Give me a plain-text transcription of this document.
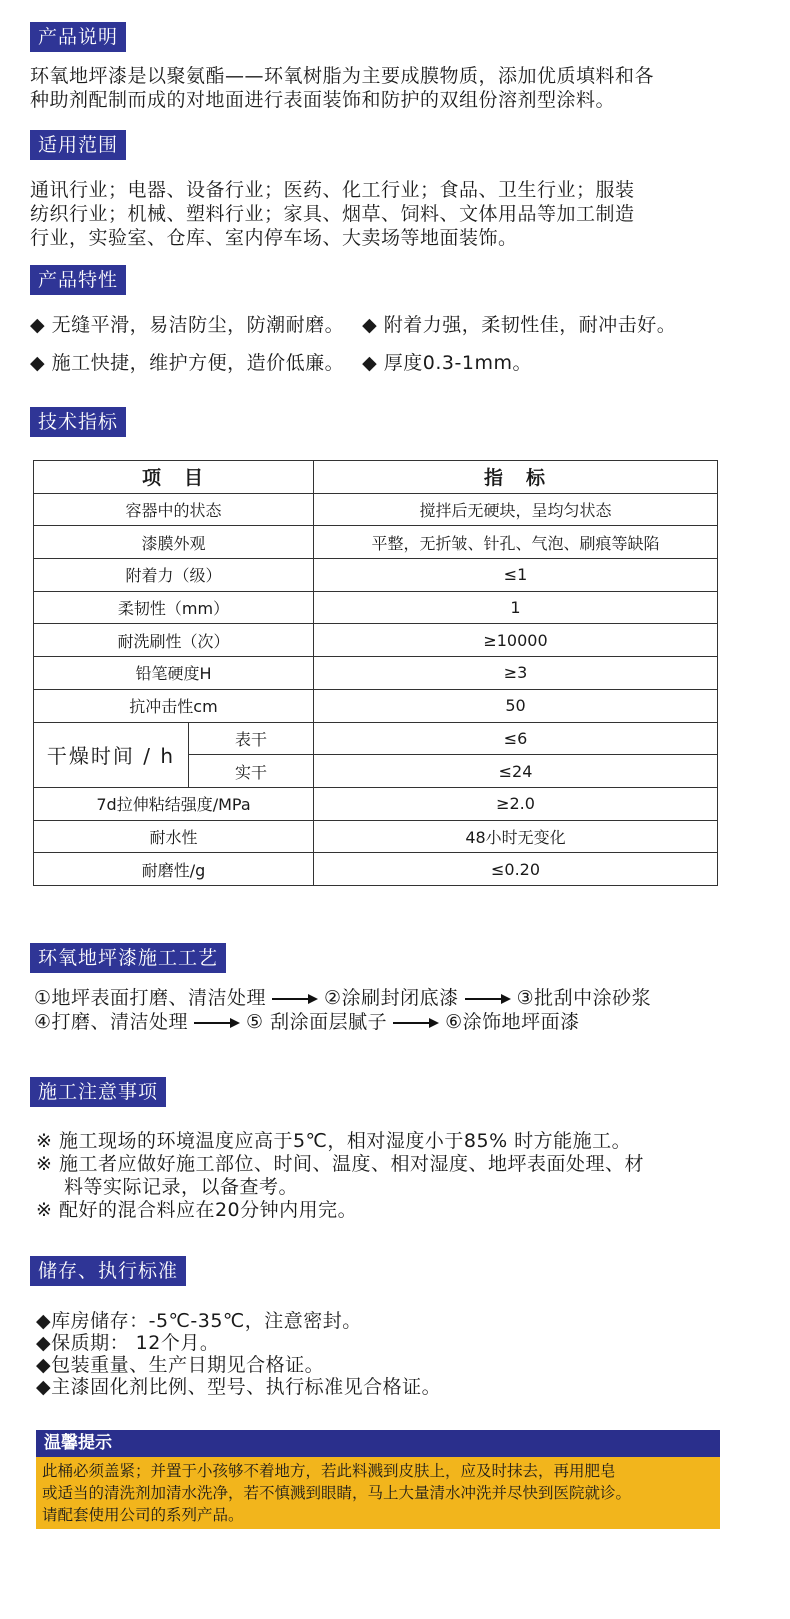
产品说明
环氧地坪漆是以聚氨酯——环氧树脂为主要成膜物质，添加优质填料和各
种助剂配制而成的对地面进行表面装饰和防护的双组份溶剂型涂料。
适用范围
通讯行业；电器、设备行业；医药、化工行业；食品、卫生行业；服装
纺织行业；机械、塑料行业；家具、烟草、饲料、文体用品等加工制造
行业，实验室、仓库、室内停车场、大卖场等地面装饰。
产品特性
◆ 无缝平滑，易洁防尘，防潮耐磨。 ◆ 附着力强，柔韧性佳，耐冲击好。
◆ 施工快捷，维护方便，造价低廉。 ◆ 厚度0.3-1mm。
技术指标
项　目		指　标
容器中的状态		搅拌后无硬块，呈均匀状态
漆膜外观		平整，无折皱、针孔、气泡、刷痕等缺陷
附着力（级）		≤1
柔韧性（mm）		1
耐洗刷性（次）		≥10000
铅笔硬度H		≥3
抗冲击性cm		50
干燥时间 / h	表干	≤6
	实干	≤24
7d拉伸粘结强度/MPa		≥2.0
耐水性		48小时无变化
耐磨性/g		≤0.20
环氧地坪漆施工工艺
①地坪表面打磨、清洁处理	②涂刷封闭底漆	③批刮中涂砂浆
④打磨、清洁处理	⑤ 刮涂面层腻子	⑥涂饰地坪面漆
施工注意事项
※ 施工现场的环境温度应高于5℃，相对湿度小于85% 时方能施工。
※ 施工者应做好施工部位、时间、温度、相对湿度、地坪表面处理、材
料等实际记录，以备查考。
※ 配好的混合料应在20分钟内用完。
储存、执行标准
◆库房储存：-5℃-35℃，注意密封。
◆保质期： 12个月。
◆包装重量、生产日期见合格证。
◆主漆固化剂比例、型号、执行标准见合格证。
温馨提示
此桶必须盖紧；并置于小孩够不着地方，若此料溅到皮肤上，应及时抹去，再用肥皂
或适当的清洗剂加清水洗净，若不慎溅到眼睛，马上大量清水冲洗并尽快到医院就诊。
请配套使用公司的系列产品。
